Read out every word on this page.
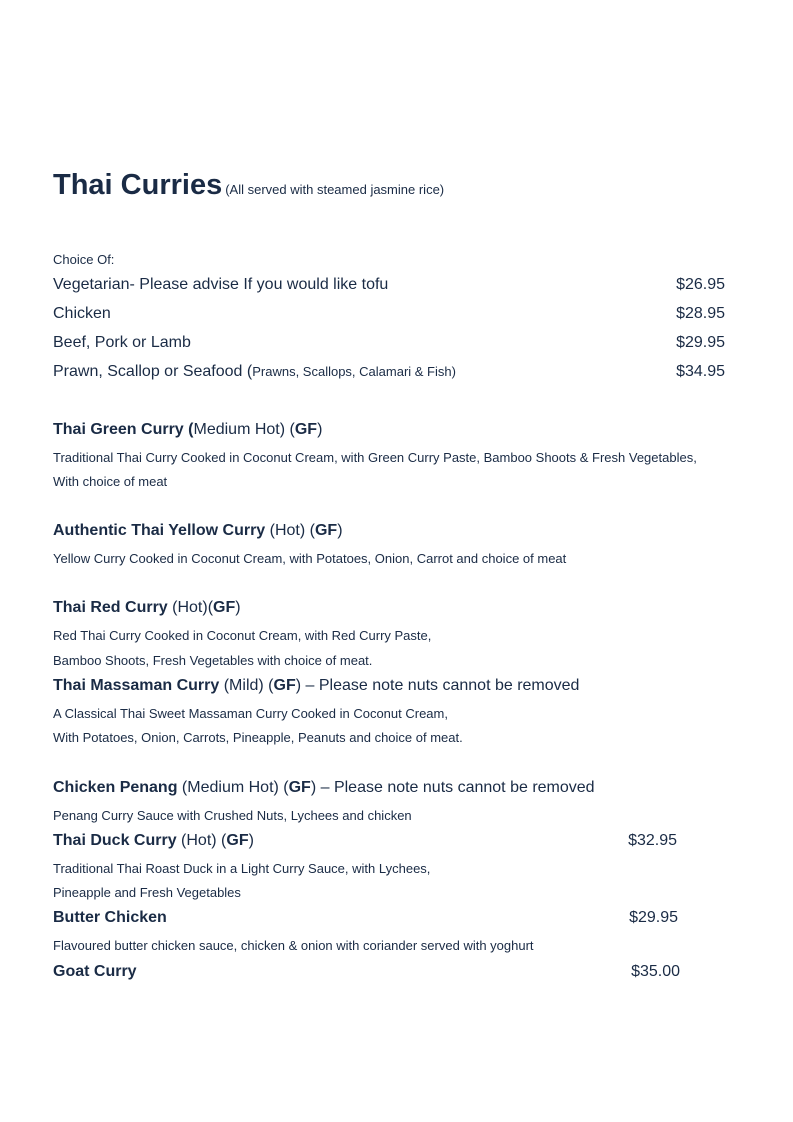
Thai Curries (All served with steamed jasmine rice)
Choice Of:
Vegetarian- Please advise If you would like tofu	$26.95
Chicken	$28.95
Beef, Pork or Lamb	$29.95
Prawn, Scallop or Seafood (Prawns, Scallops, Calamari & Fish)	$34.95
Thai Green Curry (Medium Hot) (GF)
Traditional Thai Curry Cooked in Coconut Cream, with Green Curry Paste, Bamboo Shoots & Fresh Vegetables,
With choice of meat
Authentic Thai Yellow Curry (Hot) (GF)
Yellow Curry Cooked in Coconut Cream, with Potatoes, Onion, Carrot and choice of meat
Thai Red Curry (Hot)(GF)
Red Thai Curry Cooked in Coconut Cream, with Red Curry Paste,
Bamboo Shoots, Fresh Vegetables with choice of meat.
Thai Massaman Curry (Mild) (GF) – Please note nuts cannot be removed
A Classical Thai Sweet Massaman Curry Cooked in Coconut Cream,
With Potatoes, Onion, Carrots, Pineapple, Peanuts and choice of meat.
Chicken Penang (Medium Hot) (GF) – Please note nuts cannot be removed
Penang Curry Sauce with Crushed Nuts, Lychees and chicken
Thai Duck Curry (Hot) (GF)	$32.95
Traditional Thai Roast Duck in a Light Curry Sauce, with Lychees,
Pineapple and Fresh Vegetables
Butter Chicken	$29.95
Flavoured butter chicken sauce, chicken & onion with coriander served with yoghurt
Goat Curry	$35.00
